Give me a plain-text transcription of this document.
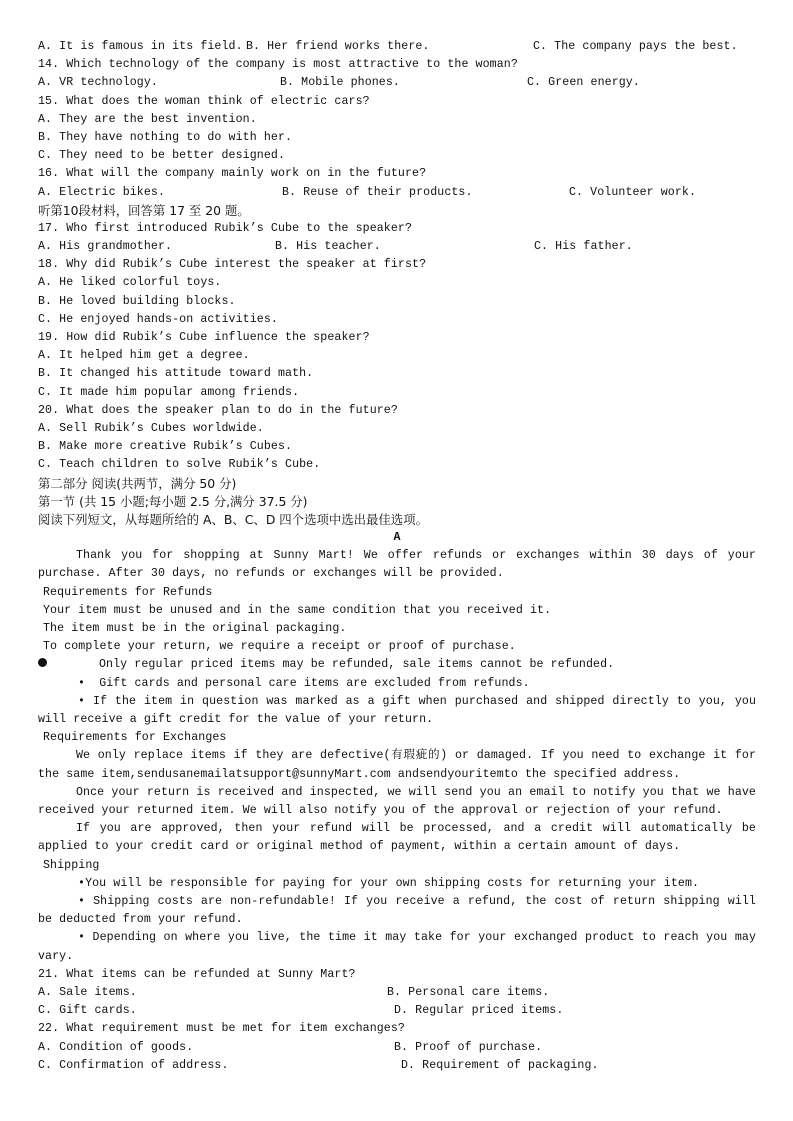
A. It is famous in its field. B. Her friend works there.	C. The company pays the best.
14. Which technology of the company is most attractive to the woman?
A. VR technology.	B. Mobile phones.	C. Green energy.
15. What does the woman think of electric cars?
A. They are the best invention.
B. They have nothing to do with her.
C. They need to be better designed.
16. What will the company mainly work on in the future?
A. Electric bikes.	B. Reuse of their products.	C. Volunteer work.
听第10段材料，回答第 17 至 20 题。
17. Who first introduced Rubik’s Cube to the speaker?
A. His grandmother.	B. His teacher.	C. His father.
18. Why did Rubik’s Cube interest the speaker at first?
A. He liked colorful toys.
B. He loved building blocks.
C. He enjoyed hands-on activities.
19. How did Rubik’s Cube influence the speaker?
A. It helped him get a degree.
B. It changed his attitude toward math.
C. It made him popular among friends.
20. What does the speaker plan to do in the future?
A. Sell Rubik’s Cubes worldwide.
B. Make more creative Rubik’s Cubes.
C. Teach children to solve Rubik’s Cube.
第二部分 阅读(共两节，满分 50 分)
第一节 (共 15 小题;每小题 2.5 分,满分 37.5 分)
阅读下列短文，从每题所给的 A、B、C、D 四个选项中选出最佳选项。
A
Thank you for shopping at Sunny Mart! We offer refunds or exchanges within 30 days of your purchase. After 30 days, no refunds or exchanges will be provided.
Requirements for Refunds
Your item must be unused and in the same condition that you received it.
The item must be in the original packaging.
To complete your return, we require a receipt or proof of purchase.
Only regular priced items may be refunded, sale items cannot be refunded.
•  Gift cards and personal care items are excluded from refunds.
• If the item in question was marked as a gift when purchased and shipped directly to you, you will receive a gift credit for the value of your return.
Requirements for Exchanges
We only replace items if they are defective(有瑕疵的) or damaged. If you need to exchange it for the same item,sendusanemailatsupport@sunnyMart.com andsendyouritemto the specified address.
Once your return is received and inspected, we will send you an email to notify you that we have received your returned item. We will also notify you of the approval or rejection of your refund.
If you are approved, then your refund will be processed, and a credit will automatically be applied to your credit card or original method of payment, within a certain amount of days.
Shipping
•You will be responsible for paying for your own shipping costs for returning your item.
• Shipping costs are non-refundable! If you receive a refund, the cost of return shipping will be deducted from your refund.
• Depending on where you live, the time it may take for your exchanged product to reach you may vary.
21. What items can be refunded at Sunny Mart?
A. Sale items.	B. Personal care items.
C. Gift cards.	D. Regular priced items.
22. What requirement must be met for item exchanges?
A. Condition of goods.	B. Proof of purchase.
C. Confirmation of address.	D. Requirement of packaging.
